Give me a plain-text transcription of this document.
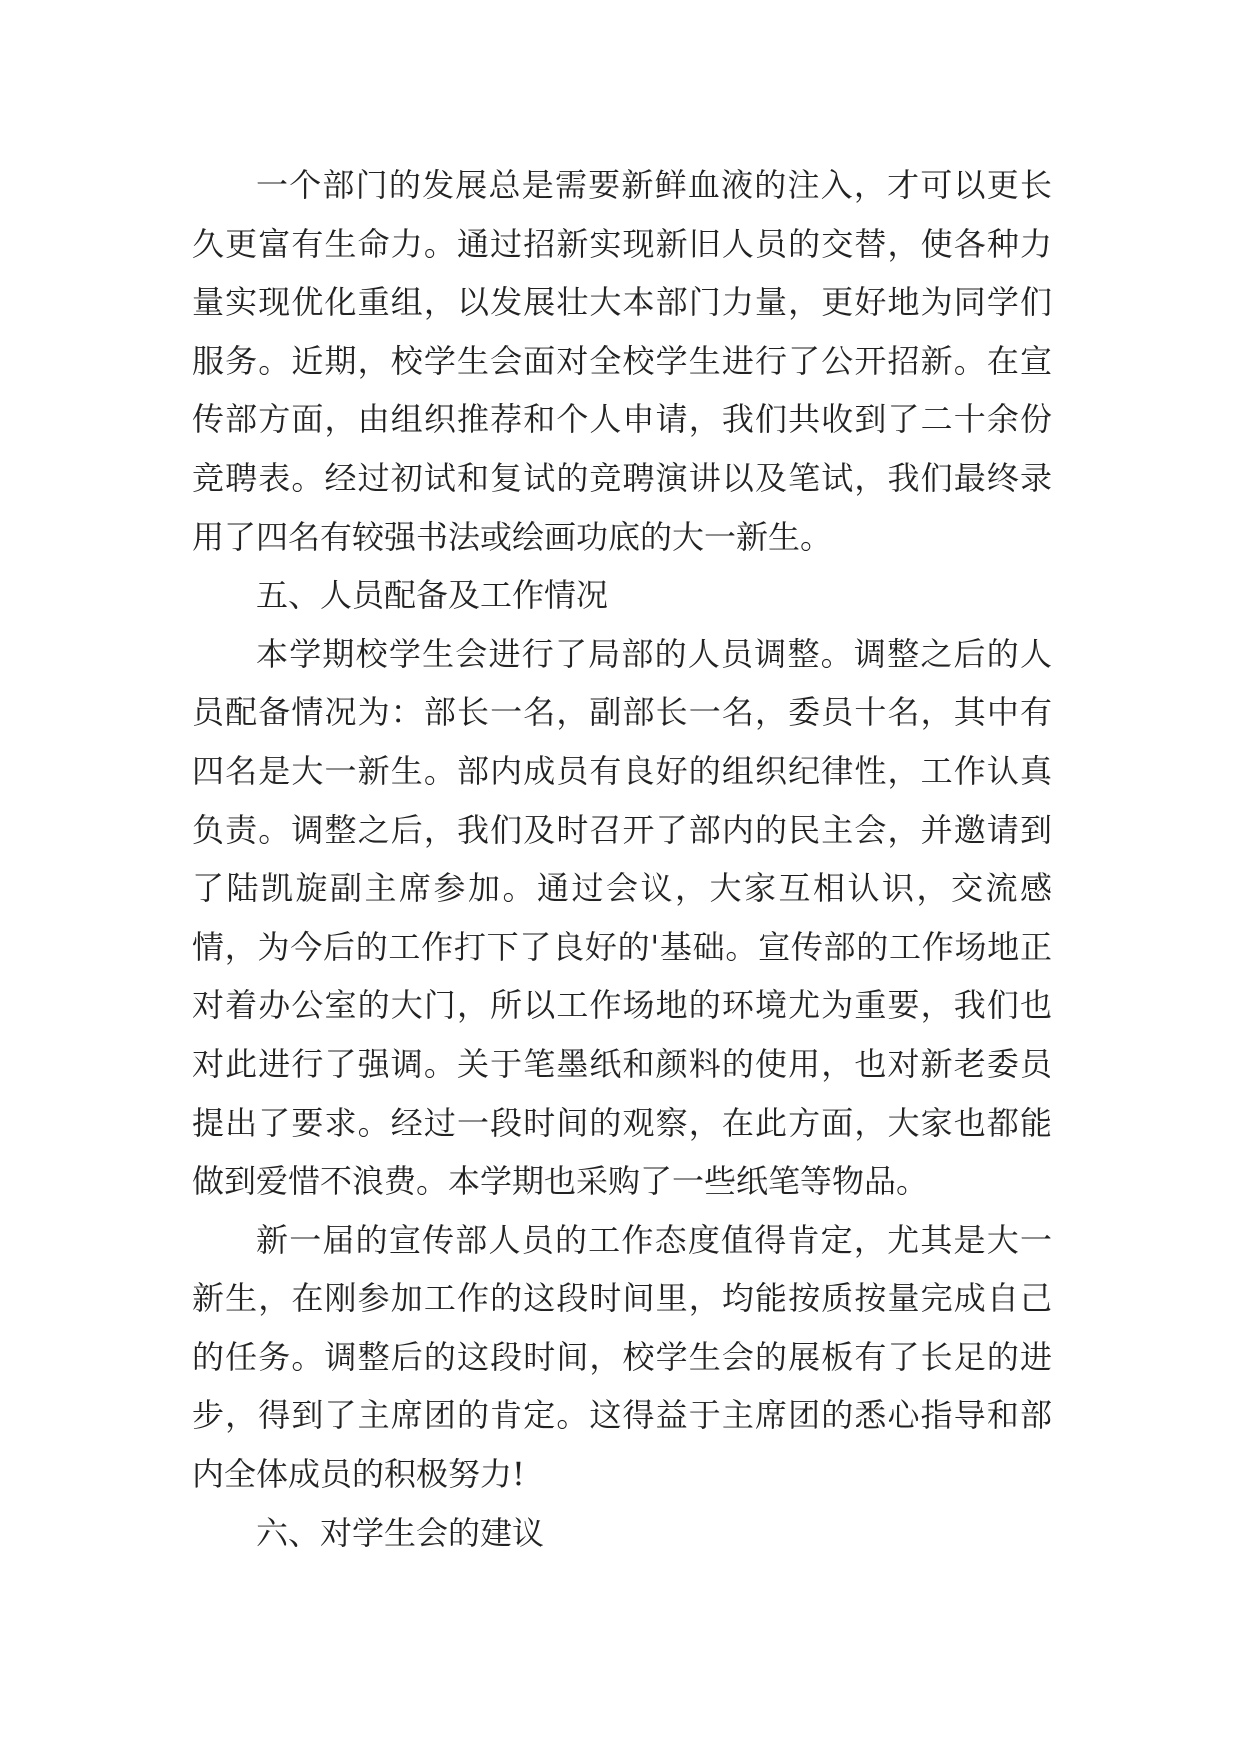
一个部门的发展总是需要新鲜血液的注入，才可以更长久更富有生命力。通过招新实现新旧人员的交替，使各种力量实现优化重组，以发展壮大本部门力量，更好地为同学们服务。近期，校学生会面对全校学生进行了公开招新。在宣传部方面，由组织推荐和个人申请，我们共收到了二十余份竞聘表。经过初试和复试的竞聘演讲以及笔试，我们最终录用了四名有较强书法或绘画功底的大一新生。

五、人员配备及工作情况

本学期校学生会进行了局部的人员调整。调整之后的人员配备情况为：部长一名，副部长一名，委员十名，其中有四名是大一新生。部内成员有良好的组织纪律性，工作认真负责。调整之后，我们及时召开了部内的民主会，并邀请到了陆凯旋副主席参加。通过会议，大家互相认识，交流感情，为今后的工作打下了良好的'基础。宣传部的工作场地正对着办公室的大门，所以工作场地的环境尤为重要，我们也对此进行了强调。关于笔墨纸和颜料的使用，也对新老委员提出了要求。经过一段时间的观察，在此方面，大家也都能做到爱惜不浪费。本学期也采购了一些纸笔等物品。

新一届的宣传部人员的工作态度值得肯定，尤其是大一新生，在刚参加工作的这段时间里，均能按质按量完成自己的任务。调整后的这段时间，校学生会的展板有了长足的进步，得到了主席团的肯定。这得益于主席团的悉心指导和部内全体成员的积极努力!

六、对学生会的建议
